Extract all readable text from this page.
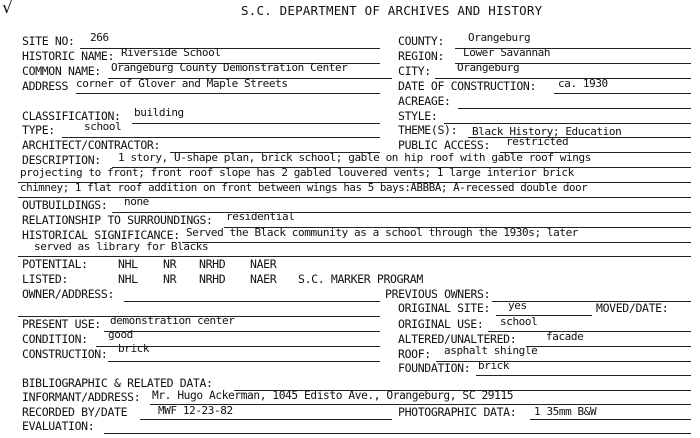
√	S.C. DEPARTMENT OF ARCHIVES AND HISTORY
SITE NO: 266	COUNTY: Orangeburg
HISTORIC NAME: Riverside School	REGION: Lower Savannah
COMMON NAME: Orangeburg County Demonstration Center	CITY: Orangeburg
ADDRESS corner of Glover and Maple Streets	DATE OF CONSTRUCTION: ca. 1930
ACREAGE:
CLASSIFICATION: building	STYLE:
TYPE:	school	THEME(S): Black History; Education
ARCHITECT/CONTRACTOR:	PUBLIC ACCESS: restricted
DESCRIPTION: 1 story, U-shape plan, brick school; gable on hip roof with gable roof wings
projecting to front; front roof slope has 2 gabled louvered vents; 1 large interior brick
chimney; 1 flat roof addition on front between wings has 5 bays:ABBBA; A-recessed double door
OUTBUILDINGS: none
RELATIONSHIP TO SURROUNDINGS: residential
HISTORICAL SIGNIFICANCE: Served the Black community as a school through the 1930s; later
served as library for Blacks
POTENTIAL:	NHL NR NRHD NAER
LISTED:	NHL NR NRHD NAER S.C. MARKER PROGRAM
OWNER/ADDRESS:	PREVIOUS OWNERS:
ORIGINAL SITE: yes	MOVED/DATE:
PRESENT USE: demonstration center	ORIGINAL USE: school
CONDITION: good	ALTERED/UNALTERED:	facade
CONSTRUCTION: brick	ROOF: asphalt shingle
FOUNDATION: brick
BIBLIOGRAPHIC & RELATED DATA:
INFORMANT/ADDRESS: Mr. Hugo Ackerman, 1045 Edisto Ave., Orangeburg, SC 29115
RECORDED BY/DATE	MWF 12-23-82	PHOTOGRAPHIC DATA: 1 35mm B&W
EVALUATION:
